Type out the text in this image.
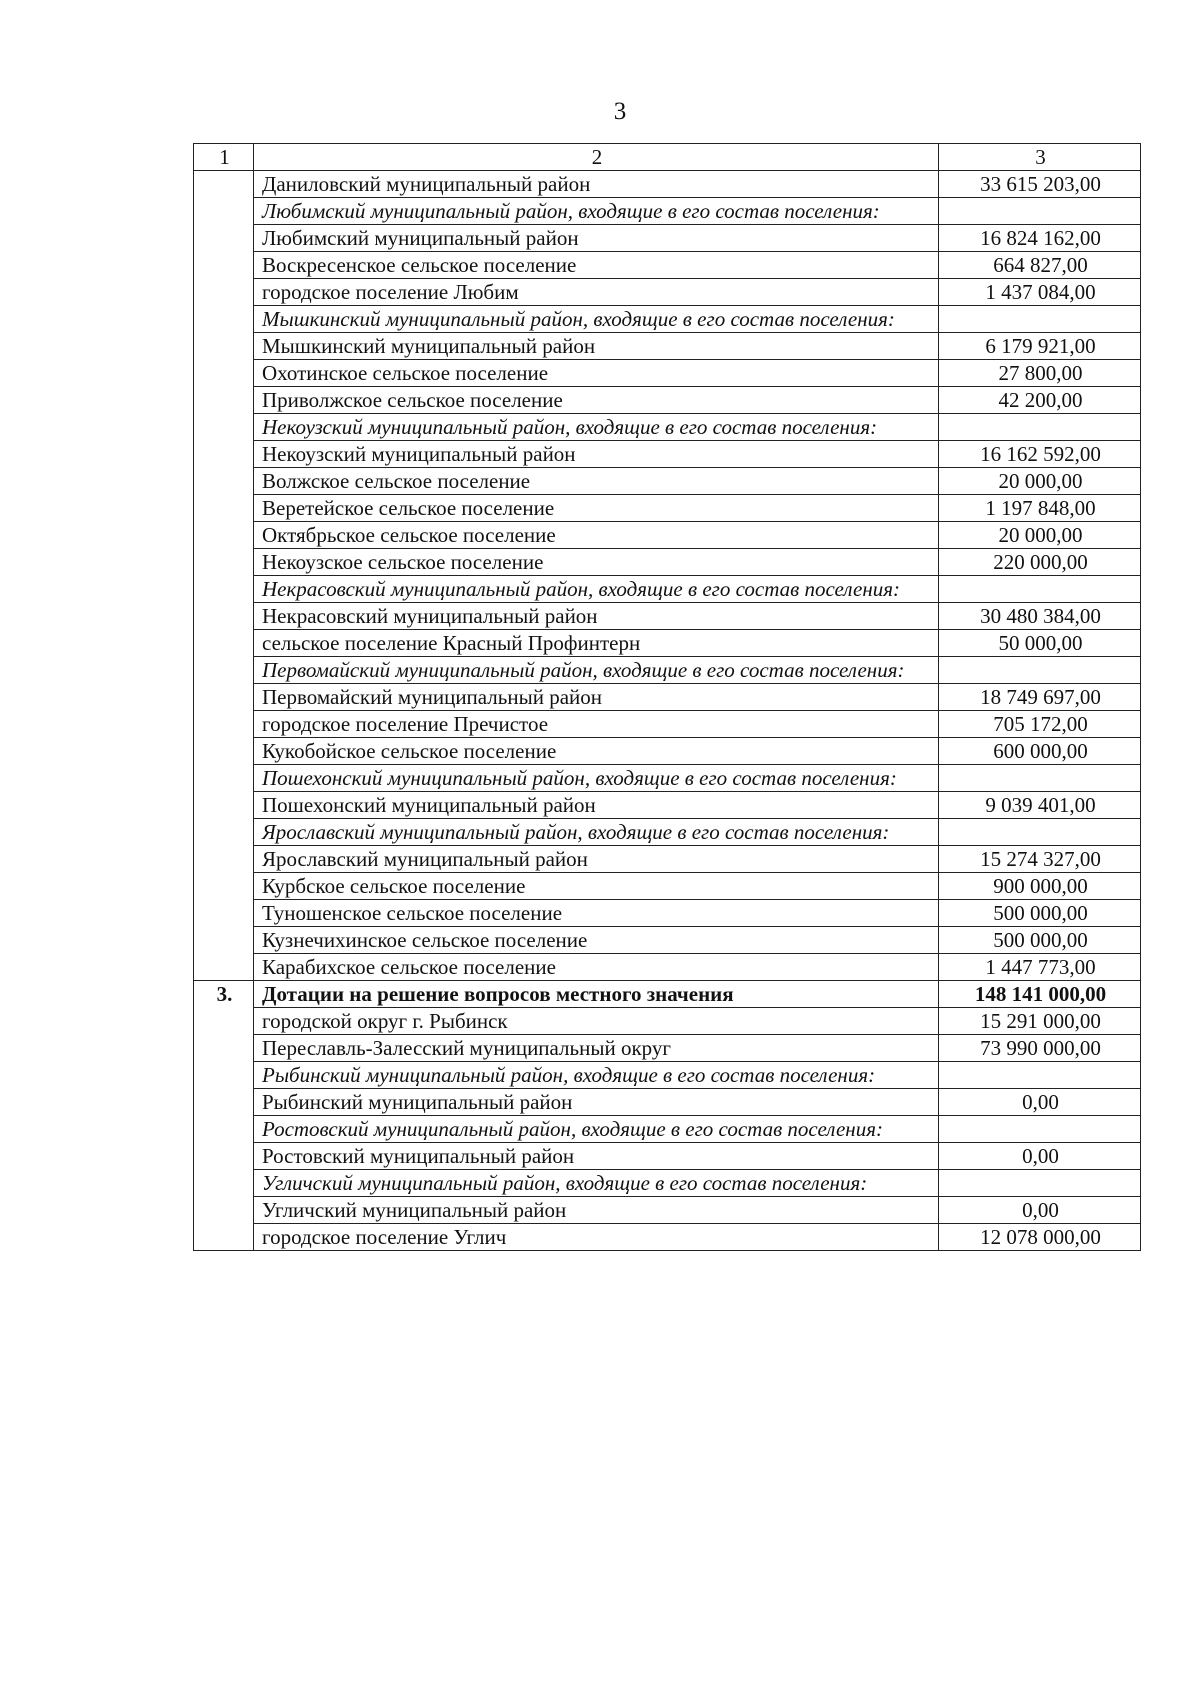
3
1	2	3
	Даниловский муниципальный район	33 615 203,00
	Любимский муниципальный район, входящие в его состав поселения:	
	Любимский муниципальный район	16 824 162,00
	Воскресенское сельское поселение	664 827,00
	городское поселение Любим	1 437 084,00
	Мышкинский муниципальный район, входящие в его состав поселения:	
	Мышкинский муниципальный район	6 179 921,00
	Охотинское сельское поселение	27 800,00
	Приволжское сельское поселение	42 200,00
	Некоузский муниципальный район, входящие в его состав поселения:	
	Некоузский муниципальный район	16 162 592,00
	Волжское сельское поселение	20 000,00
	Веретейское сельское поселение	1 197 848,00
	Октябрьское сельское поселение	20 000,00
	Некоузское сельское поселение	220 000,00
	Некрасовский муниципальный район, входящие в его состав поселения:	
	Некрасовский муниципальный район	30 480 384,00
	сельское поселение Красный Профинтерн	50 000,00
	Первомайский муниципальный район, входящие в его состав поселения:	
	Первомайский муниципальный район	18 749 697,00
	городское поселение Пречистое	705 172,00
	Кукобойское сельское поселение	600 000,00
	Пошехонский муниципальный район, входящие в его состав поселения:	
	Пошехонский муниципальный район	9 039 401,00
	Ярославский муниципальный район, входящие в его состав поселения:	
	Ярославский муниципальный район	15 274 327,00
	Курбское сельское поселение	900 000,00
	Туношенское сельское поселение	500 000,00
	Кузнечихинское сельское поселение	500 000,00
	Карабихское сельское поселение	1 447 773,00
3.	Дотации на решение вопросов местного значения	148 141 000,00
	городской округ г. Рыбинск	15 291 000,00
	Переславль-Залесский муниципальный округ	73 990 000,00
	Рыбинский муниципальный район, входящие в его состав поселения:	
	Рыбинский муниципальный район	0,00
	Ростовский муниципальный район, входящие в его состав поселения:	
	Ростовский муниципальный район	0,00
	Угличский муниципальный район, входящие в его состав поселения:	
	Угличский муниципальный район	0,00
	городское поселение Углич	12 078 000,00
